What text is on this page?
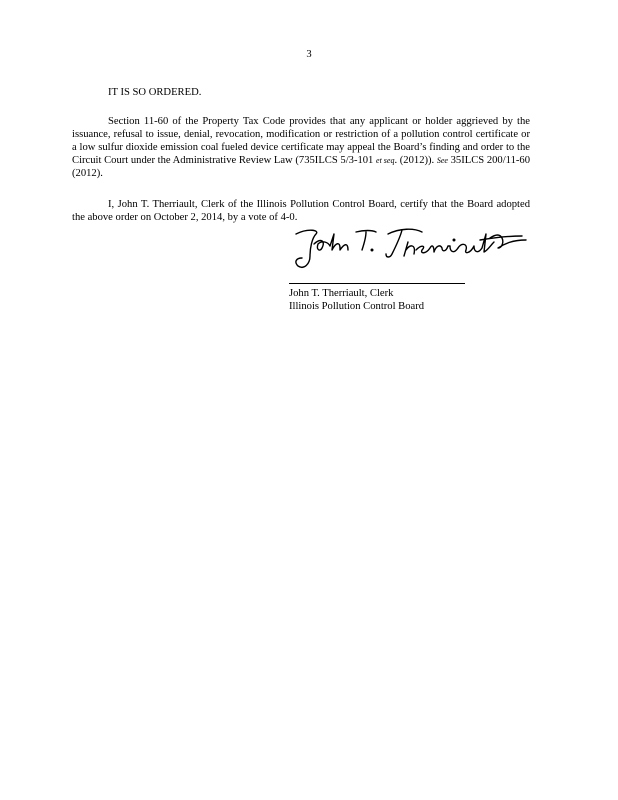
3
IT IS SO ORDERED.
Section 11-60 of the Property Tax Code provides that any applicant or holder aggrieved by the issuance, refusal to issue, denial, revocation, modification or restriction of a pollution control certificate or a low sulfur dioxide emission coal fueled device certificate may appeal the Board’s finding and order to the Circuit Court under the Administrative Review Law (735ILCS 5/3-101 et seq. (2012)). See 35ILCS 200/11-60 (2012).
I, John T. Therriault, Clerk of the Illinois Pollution Control Board, certify that the Board adopted the above order on October 2, 2014, by a vote of 4-0.
John T. Therriault, Clerk
Illinois Pollution Control Board
